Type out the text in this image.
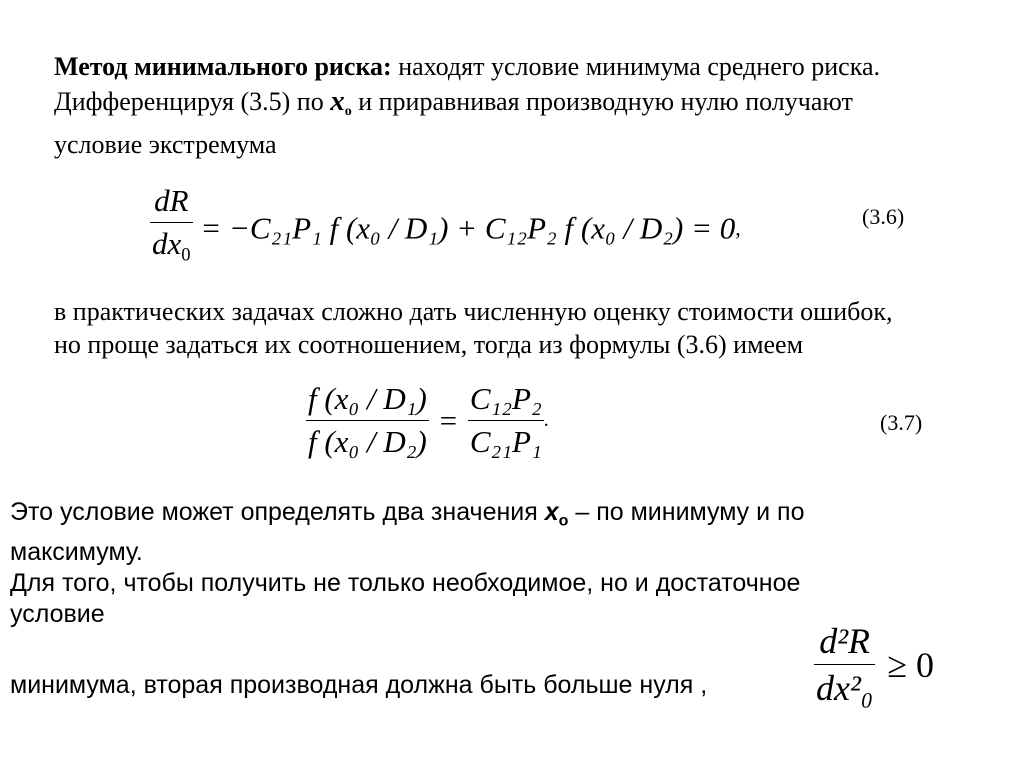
Метод минимального риска: находят условие минимума среднего риска.
Дифференцируя (3.5) по $x_o$ и приравнивая производную нулю получают
условие экстремума
$\frac{dR}{dx_0} = -C_{21}P_1$ f (x₀ / D₁) + C₁₂P₂ f (x₀ / D₂) = 0,	(3.6)
в практических задачах сложно дать численную оценку стоимости ошибок,
но проще задаться их соотношением, тогда из формулы (3.6) имеем
$\frac{\text{f (x₀ / D₁)}}{\text{f (x₀ / D₂)}} = \frac{\text{C₁₂P₂}}{\text{C₂₁P₁}}$ .	(3.7)
Это условие может определять два значения $x_o$ – по минимуму и по
максимуму.
Для того, чтобы получить не только необходимое, но и достаточное
условие
минимума, вторая производная должна быть больше нуля ,	$\frac{\text{d²R}}{\text{dx²₀}} \ge 0$
